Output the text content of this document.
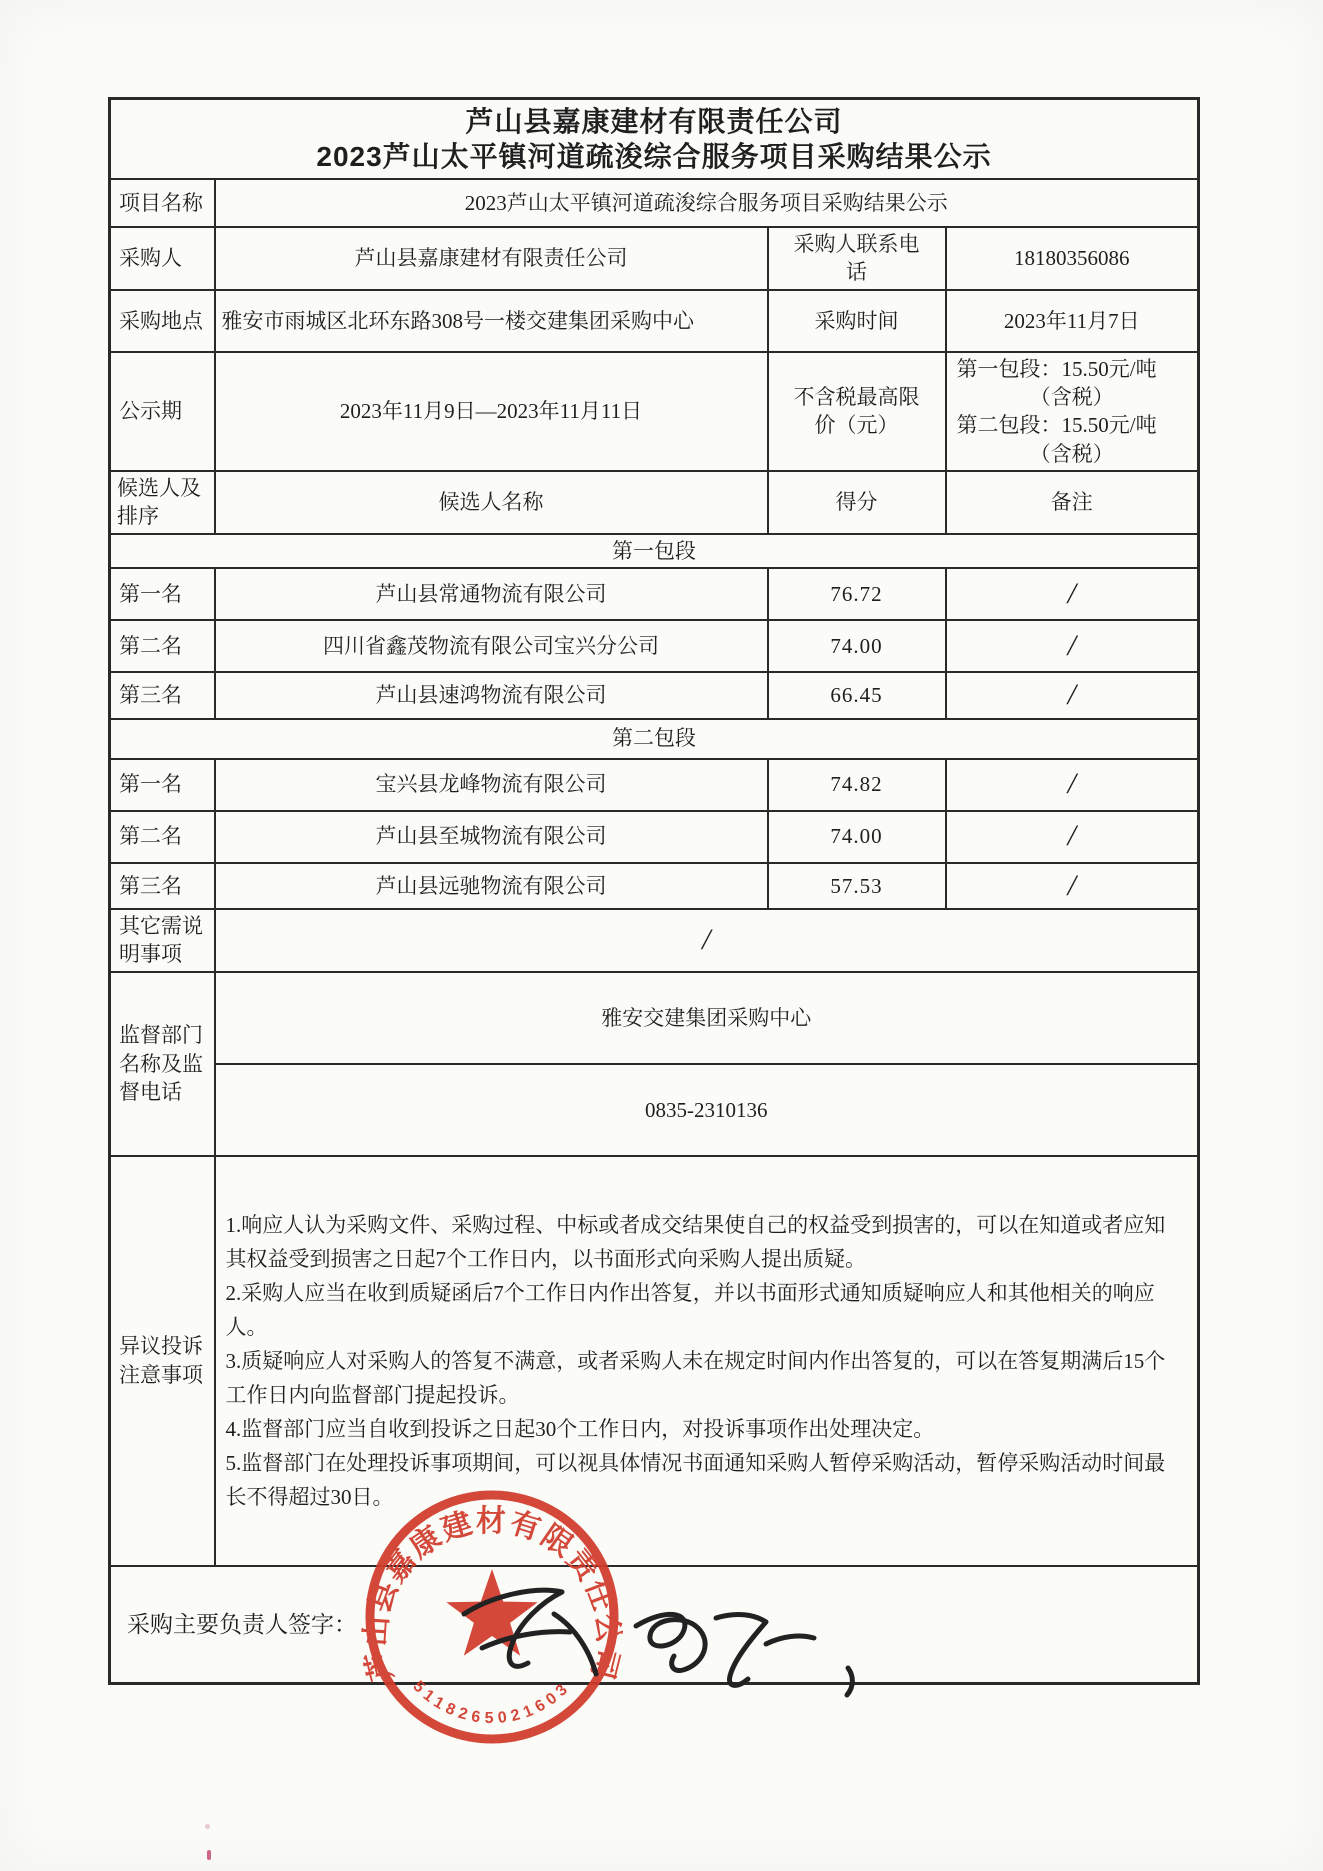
芦山县嘉康建材有限责任公司
2023芦山太平镇河道疏浚综合服务项目采购结果公示			

项目名称	2023芦山太平镇河道疏浚综合服务项目采购结果公示		
采购人	芦山县嘉康建材有限责任公司	采购人联系电话	18180356086
采购地点	雅安市雨城区北环东路308号一楼交建集团采购中心	采购时间	2023年11月7日
公示期	2023年11月9日—2023年11月11日	不含税最高限价（元）	第一包段：15.50元/吨
（含税）
第二包段：15.50元/吨
（含税）

候选人及排序	候选人名称	得分	备注
第一包段			
第一名	芦山县常通物流有限公司	76.72	/
第二名	四川省鑫茂物流有限公司宝兴分公司	74.00	/
第三名	芦山县速鸿物流有限公司	66.45	/
第二包段			
第一名	宝兴县龙峰物流有限公司	74.82	/
第二名	芦山县至城物流有限公司	74.00	/
第三名	芦山县远驰物流有限公司	57.53	/

其它需说明事项	/		

监督部门名称及监督电话	雅安交建集团采购中心		
	0835-2310136		

异议投诉注意事项	1.响应人认为采购文件、采购过程、中标或者成交结果使自己的权益受到损害的，可以在知道或者应知其权益受到损害之日起7个工作日内，以书面形式向采购人提出质疑。
2.采购人应当在收到质疑函后7个工作日内作出答复，并以书面形式通知质疑响应人和其他相关的响应人。
3.质疑响应人对采购人的答复不满意，或者采购人未在规定时间内作出答复的，可以在答复期满后15个工作日内向监督部门提起投诉。
4.监督部门应当自收到投诉之日起30个工作日内，对投诉事项作出处理决定。
5.监督部门在处理投诉事项期间，可以视具体情况书面通知采购人暂停采购活动，暂停采购活动时间最长不得超过30日。		

采购主要负责人签字：			
芦山县嘉康建材有限责任公司
5118265021603
